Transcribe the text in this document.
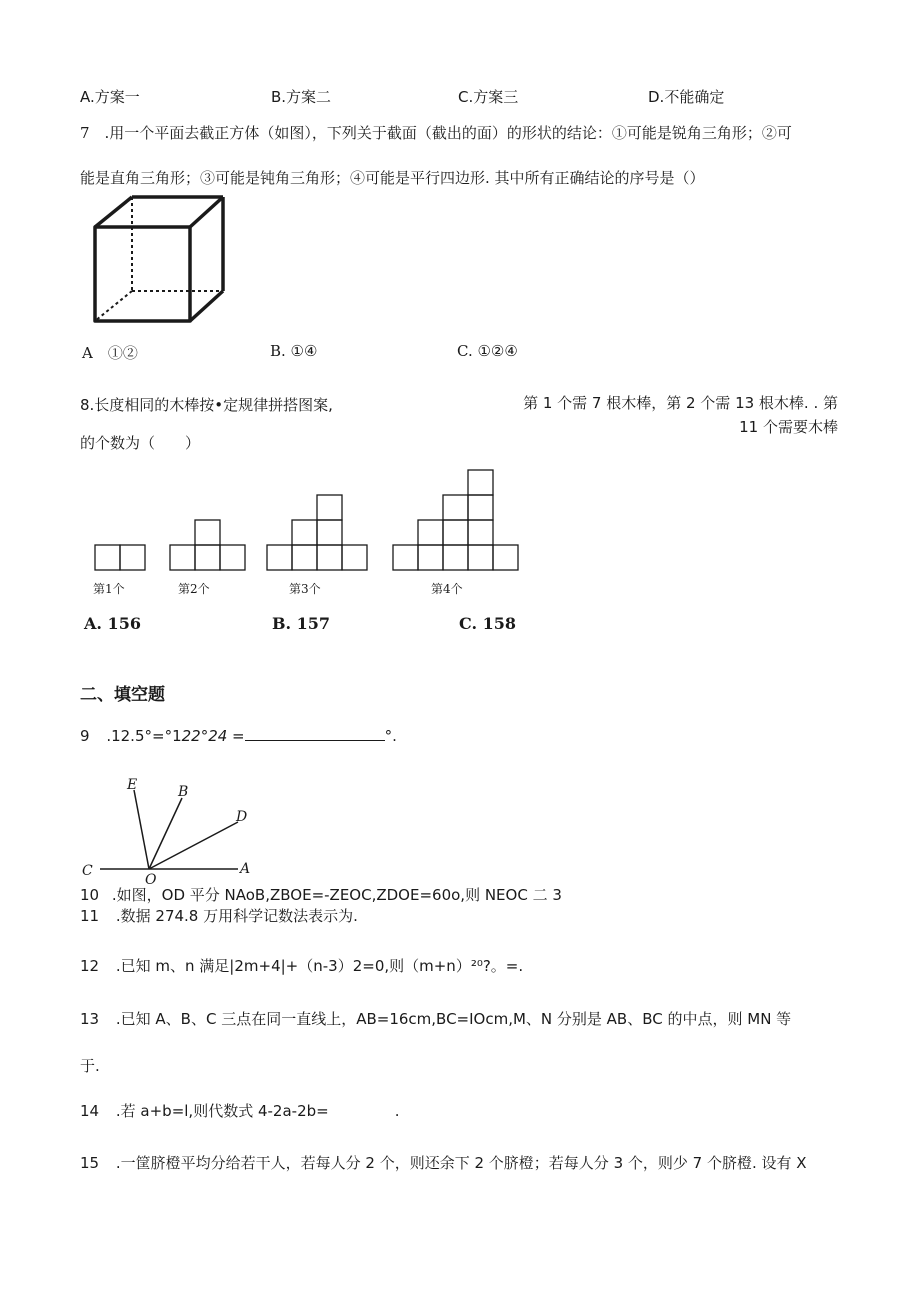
A.方案一	B.方案二	C.方案三	D.不能确定
7　.用一个平面去截正方体（如图），下列关于截面（截出的面）的形状的结论：①可能是锐角三角形；②可
能是直角三角形；③可能是钝角三角形；④可能是平行四边形. 其中所有正确结论的序号是（）
A　①②	B. ①④	C. ①②④
8.长度相同的木棒按•定规律拼搭图案,	第 1 个需 7 根木棒，第 2 个需 13 根木棒. . 第
11 个需要木棒
的个数为（　　）
第1个	第2个	第3个	第4个
A. 156	B. 157	C. 158
二、填空题
9 .12.5°=°122°24 =	°.
E	B
D
C
O
A
10 .如图，OD 平分 NAoB,ZBOE=-ZEOC,ZDOE=60o,则 NEOC 二 3
11 .数据 274.8 万用科学记数法表示为.
12 .已知 m、n 满足|2m+4|+（n-3）2=0,则（m+n）²⁰?。=.
13 .已知 A、B、C 三点在同一直线上，AB=16cm,BC=IOcm,M、N 分别是 AB、BC 的中点，则 MN 等
于.
14 .若 a+b=l,则代数式 4-2a-2b=	.
15 .一筐脐橙平均分给若干人，若每人分 2 个，则还余下 2 个脐橙；若每人分 3 个，则少 7 个脐橙. 设有 X
